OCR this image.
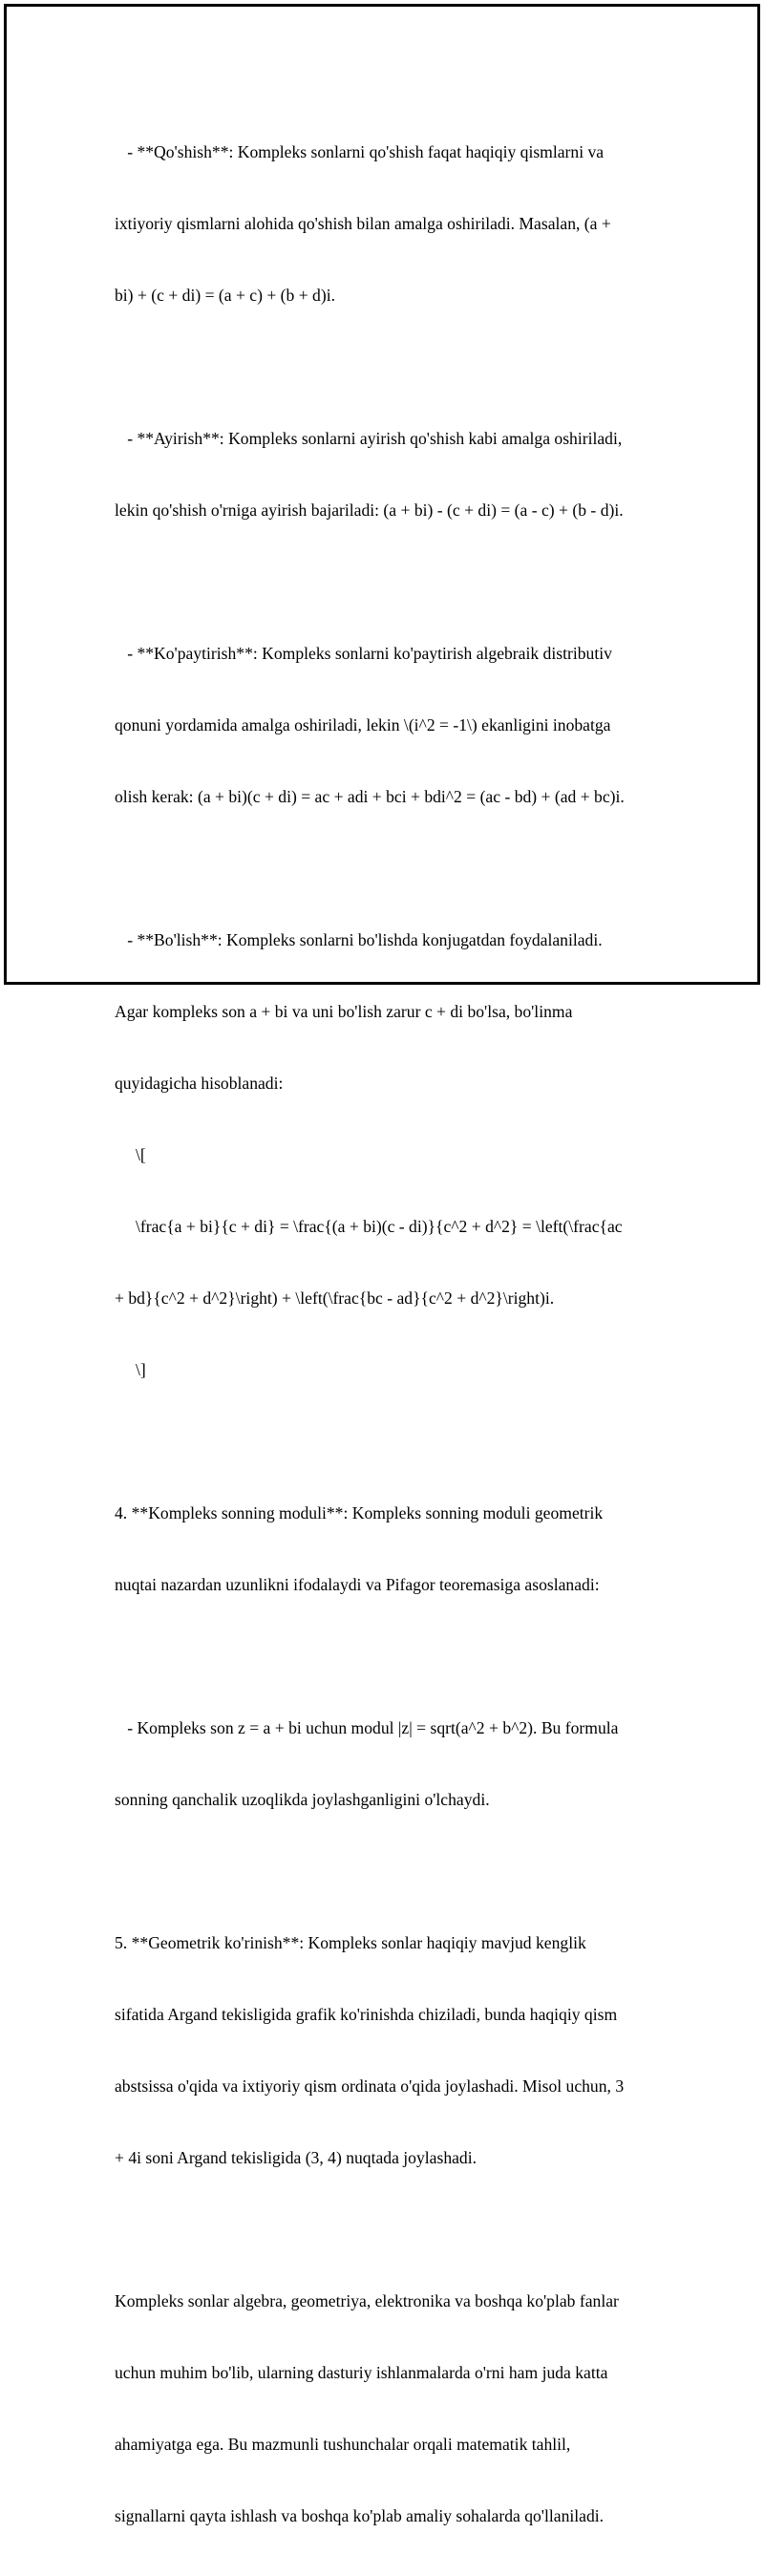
- **Qo'shish**: Kompleks sonlarni qo'shish faqat haqiqiy qismlarni va

ixtiyoriy qismlarni alohida qo'shish bilan amalga oshiriladi. Masalan, (a +

bi) + (c + di) = (a + c) + (b + d)i.

- **Ayirish**: Kompleks sonlarni ayirish qo'shish kabi amalga oshiriladi,

lekin qo'shish o'rniga ayirish bajariladi: (a + bi) - (c + di) = (a - c) + (b - d)i.

- **Ko'paytirish**: Kompleks sonlarni ko'paytirish algebraik distributiv

qonuni yordamida amalga oshiriladi, lekin \(i^2 = -1\) ekanligini inobatga

olish kerak: (a + bi)(c + di) = ac + adi + bci + bdi^2 = (ac - bd) + (ad + bc)i.

- **Bo'lish**: Kompleks sonlarni bo'lishda konjugatdan foydalaniladi.

Agar kompleks son a + bi va uni bo'lish zarur c + di bo'lsa, bo'linma

quyidagicha hisoblanadi:

\[

\frac{a + bi}{c + di} = \frac{(a + bi)(c - di)}{c^2 + d^2} = \left(\frac{ac

+ bd}{c^2 + d^2}\right) + \left(\frac{bc - ad}{c^2 + d^2}\right)i.

\]

4. **Kompleks sonning moduli**: Kompleks sonning moduli geometrik

nuqtai nazardan uzunlikni ifodalaydi va Pifagor teoremasiga asoslanadi:

- Kompleks son z = a + bi uchun modul |z| = sqrt(a^2 + b^2). Bu formula

sonning qanchalik uzoqlikda joylashganligini o'lchaydi.

5. **Geometrik ko'rinish**: Kompleks sonlar haqiqiy mavjud kenglik

sifatida Argand tekisligida grafik ko'rinishda chiziladi, bunda haqiqiy qism

abstsissa o'qida va ixtiyoriy qism ordinata o'qida joylashadi. Misol uchun, 3

+ 4i soni Argand tekisligida (3, 4) nuqtada joylashadi.

Kompleks sonlar algebra, geometriya, elektronika va boshqa ko'plab fanlar

uchun muhim bo'lib, ularning dasturiy ishlanmalarda o'rni ham juda katta

ahamiyatga ega. Bu mazmunli tushunchalar orqali matematik tahlil,

signallarni qayta ishlash va boshqa ko'plab amaliy sohalarda qo'llaniladi.
